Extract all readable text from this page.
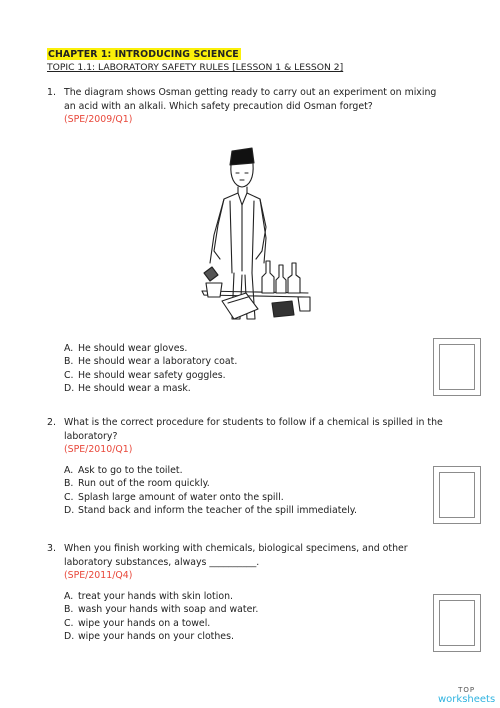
CHAPTER 1: INTRODUCING SCIENCE
TOPIC 1.1: LABORATORY SAFETY RULES [LESSON 1 & LESSON 2]
1. The diagram shows Osman getting ready to carry out an experiment on mixing
an acid with an alkali. Which safety precaution did Osman forget?
(SPE/2009/Q1)
A. He should wear gloves.
B. He should wear a laboratory coat.
C. He should wear safety goggles.
D. He should wear a mask.
2. What is the correct procedure for students to follow if a chemical is spilled in the
laboratory?
(SPE/2010/Q1)
A. Ask to go to the toilet.
B. Run out of the room quickly.
C. Splash large amount of water onto the spill.
D. Stand back and inform the teacher of the spill immediately.
3. When you finish working with chemicals, biological specimens, and other
laboratory substances, always __________.
(SPE/2011/Q4)
A. treat your hands with skin lotion.
B. wash your hands with soap and water.
C. wipe your hands on a towel.
D. wipe your hands on your clothes.
TOP
worksheets
